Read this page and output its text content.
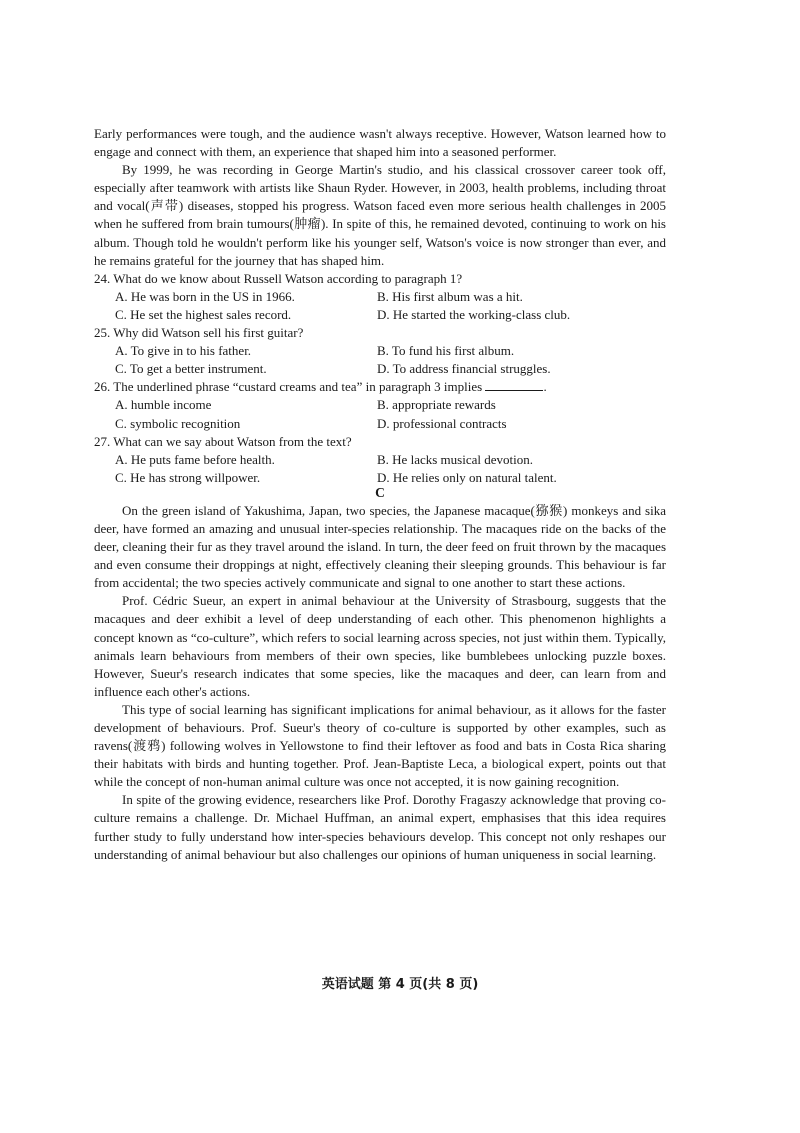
Early performances were tough, and the audience wasn't always receptive. However, Watson learned how to engage and connect with them, an experience that shaped him into a seasoned performer.

By 1999, he was recording in George Martin's studio, and his classical crossover career took off, especially after teamwork with artists like Shaun Ryder. However, in 2003, health problems, including throat and vocal(声带) diseases, stopped his progress. Watson faced even more serious health challenges in 2005 when he suffered from brain tumours(肿瘤). In spite of this, he remained devoted, continuing to work on his album. Though told he wouldn't perform like his younger self, Watson's voice is now stronger than ever, and he remains grateful for the journey that has shaped him.

24. What do we know about Russell Watson according to paragraph 1?
A. He was born in the US in 1966.	B. His first album was a hit.
C. He set the highest sales record.	D. He started the working-class club.
25. Why did Watson sell his first guitar?
A. To give in to his father.	B. To fund his first album.
C. To get a better instrument.	D. To address financial struggles.
26. The underlined phrase “custard creams and tea” in paragraph 3 implies	.
A. humble income	B. appropriate rewards
C. symbolic recognition	D. professional contracts
27. What can we say about Watson from the text?
A. He puts fame before health.	B. He lacks musical devotion.
C. He has strong willpower.	D. He relies only on natural talent.
C

On the green island of Yakushima, Japan, two species, the Japanese macaque(猕猴) monkeys and sika deer, have formed an amazing and unusual inter-species relationship. The macaques ride on the backs of the deer, cleaning their fur as they travel around the island. In turn, the deer feed on fruit thrown by the macaques and even consume their droppings at night, effectively cleaning their sleeping grounds. This behaviour is far from accidental; the two species actively communicate and signal to one another to start these actions.

Prof. Cédric Sueur, an expert in animal behaviour at the University of Strasbourg, suggests that the macaques and deer exhibit a level of deep understanding of each other. This phenomenon highlights a concept known as “co-culture”, which refers to social learning across species, not just within them. Typically, animals learn behaviours from members of their own species, like bumblebees unlocking puzzle boxes. However, Sueur's research indicates that some species, like the macaques and deer, can learn from and influence each other's actions.

This type of social learning has significant implications for animal behaviour, as it allows for the faster development of behaviours. Prof. Sueur's theory of co-culture is supported by other examples, such as ravens(渡鸦) following wolves in Yellowstone to find their leftover as food and bats in Costa Rica sharing their habitats with birds and hunting together. Prof. Jean-Baptiste Leca, a biological expert, points out that while the concept of non-human animal culture was once not accepted, it is now gaining recognition.

In spite of the growing evidence, researchers like Prof. Dorothy Fragaszy acknowledge that proving co-culture remains a challenge. Dr. Michael Huffman, an animal expert, emphasises that this idea requires further study to fully understand how inter-species behaviours develop. This concept not only reshapes our understanding of animal behaviour but also challenges our opinions of human uniqueness in social learning.

英语试题 第 4 页(共 8 页)
